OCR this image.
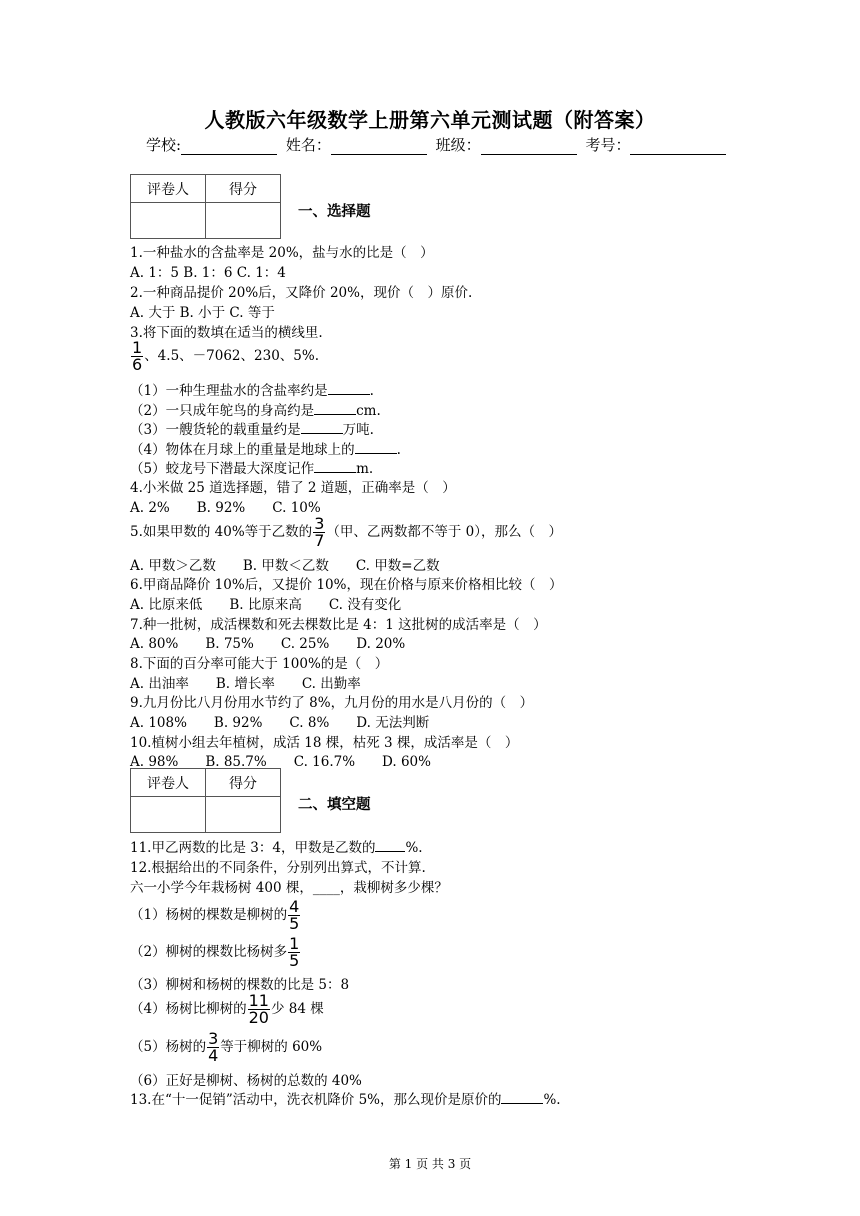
人教版六年级数学上册第六单元测试题（附答案）
学校:	姓名：	班级：	考号：
评卷人	得分

一、选择题
1.一种盐水的含盐率是 20%，盐与水的比是（　）
A. 1：5 B. 1：6 C. 1：4
2.一种商品提价 20%后，又降价 20%，现价（　）原价.
A. 大于 B. 小于 C. 等于
3.将下面的数填在适当的横线里.
$\frac{1}{6}$ 、4.5、－7062、230、5%.
（1）一种生理盐水的含盐率约是	.
（2）一只成年鸵鸟的身高约是	cm.
（3）一艘货轮的载重量约是	万吨.
（4）物体在月球上的重量是地球上的	.
（5）蛟龙号下潜最大深度记作	m.
4.小米做 25 道选择题，错了 2 道题，正确率是（　）
A. 2%　　B. 92%　　C. 10%
5.如果甲数的 40%等于乙数的 $\frac{3}{7}$ （甲、乙两数都不等于 0），那么（　）
A. 甲数＞乙数　　B. 甲数＜乙数　　C. 甲数=乙数
6.甲商品降价 10%后，又提价 10%，现在价格与原来价格相比较（　）
A. 比原来低　　B. 比原来高　　C. 没有变化
7.种一批树，成活棵数和死去棵数比是 4：1 这批树的成活率是（　）
A. 80%　　B. 75%　　C. 25%　　D. 20%
8.下面的百分率可能大于 100%的是（　）
A. 出油率　　B. 增长率　　C. 出勤率
9.九月份比八月份用水节约了 8%，九月份的用水是八月份的（　）
A. 108%　　B. 92%　　C. 8%　　D. 无法判断
10.植树小组去年植树，成活 18 棵，枯死 3 棵，成活率是（　）
A. 98%　　B. 85.7%　　C. 16.7%　　D. 60%
评卷人	得分

二、填空题
11.甲乙两数的比是 3：4，甲数是乙数的 %.
12.根据给出的不同条件，分别列出算式，不计算.
六一小学今年栽杨树 400 棵，____，栽柳树多少棵？
（1）杨树的棵数是柳树的 $\frac{4}{5}$
（2）柳树的棵数比杨树多 $\frac{1}{5}$
（3）柳树和杨树的棵数的比是 5：8
（4）杨树比柳树的 $\frac{11}{20}$ 少 84 棵
（5）杨树的 $\frac{3}{4}$ 等于柳树的 60%
（6）正好是柳树、杨树的总数的 40%
13.在“十一促销”活动中，洗衣机降价 5%，那么现价是原价的	%.
第 1 页 共 3 页
